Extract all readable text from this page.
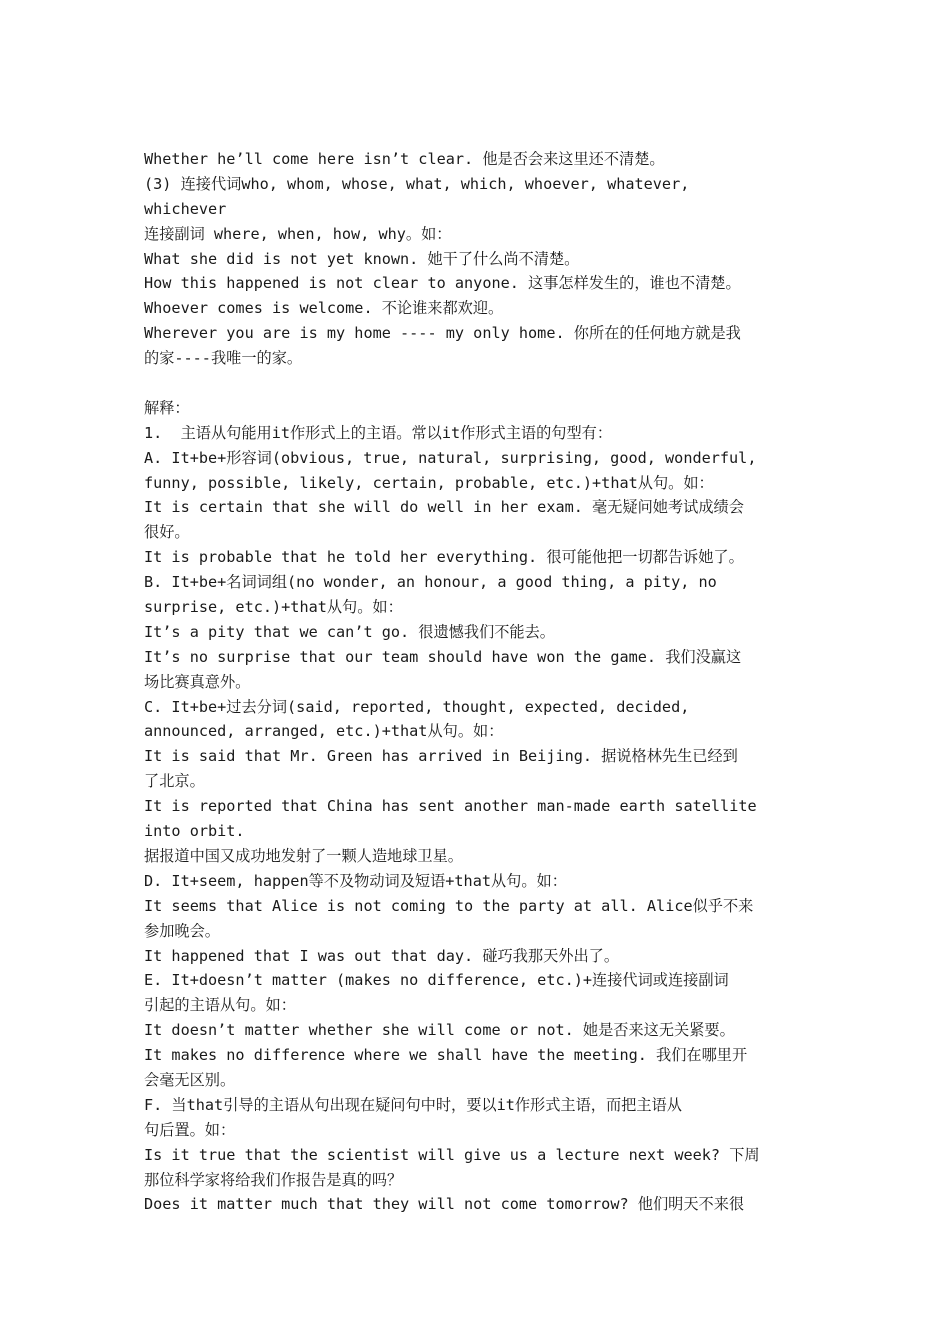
Whether he’ll come here isn’t clear. 他是否会来这里还不清楚。
(3) 连接代词who, whom, whose, what, which, whoever, whatever,
whichever
连接副词 where, when, how, why。如：
What she did is not yet known. 她干了什么尚不清楚。
How this happened is not clear to anyone. 这事怎样发生的，谁也不清楚。
Whoever comes is welcome. 不论谁来都欢迎。
Wherever you are is my home ---- my only home. 你所在的任何地方就是我
的家----我唯一的家。
解释：
1.  主语从句能用it作形式上的主语。常以it作形式主语的句型有：
A. It+be+形容词(obvious, true, natural, surprising, good, wonderful,
funny, possible, likely, certain, probable, etc.)+that从句。如：
It is certain that she will do well in her exam. 毫无疑问她考试成绩会
很好。
It is probable that he told her everything. 很可能他把一切都告诉她了。
B. It+be+名词词组(no wonder, an honour, a good thing, a pity, no
surprise, etc.)+that从句。如：
It’s a pity that we can’t go. 很遗憾我们不能去。
It’s no surprise that our team should have won the game. 我们没赢这
场比赛真意外。
C. It+be+过去分词(said, reported, thought, expected, decided,
announced, arranged, etc.)+that从句。如：
It is said that Mr. Green has arrived in Beijing. 据说格林先生已经到
了北京。
It is reported that China has sent another man-made earth satellite
into orbit.
据报道中国又成功地发射了一颗人造地球卫星。
D. It+seem, happen等不及物动词及短语+that从句。如：
It seems that Alice is not coming to the party at all. Alice似乎不来
参加晚会。
It happened that I was out that day. 碰巧我那天外出了。
E. It+doesn’t matter (makes no difference, etc.)+连接代词或连接副词
引起的主语从句。如：
It doesn’t matter whether she will come or not. 她是否来这无关紧要。
It makes no difference where we shall have the meeting. 我们在哪里开
会毫无区别。
F. 当that引导的主语从句出现在疑问句中时，要以it作形式主语，而把主语从
句后置。如：
Is it true that the scientist will give us a lecture next week? 下周
那位科学家将给我们作报告是真的吗？
Does it matter much that they will not come tomorrow? 他们明天不来很
